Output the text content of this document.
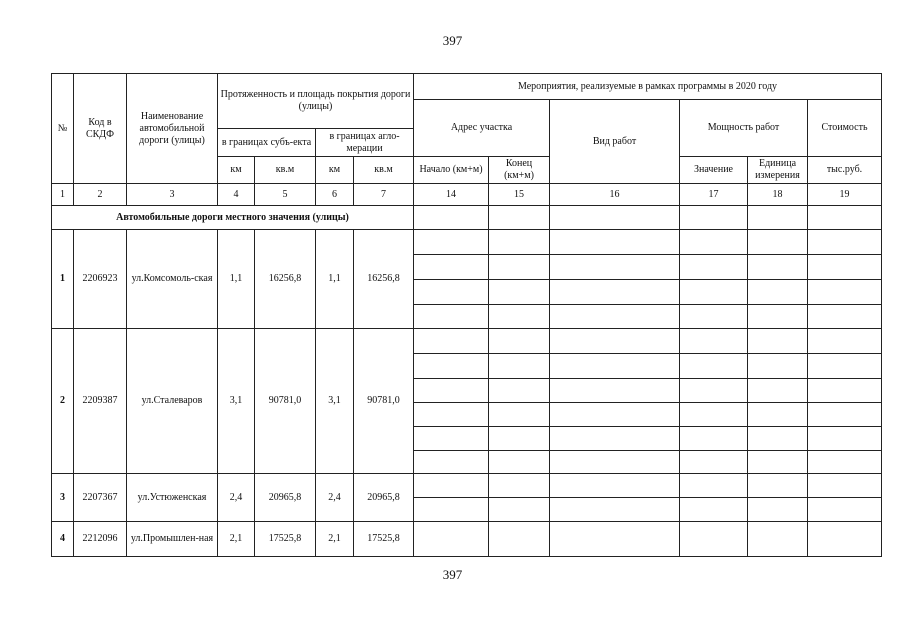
397
№	Код в СКДФ	Наименование автомобильной дороги (улицы)	Протяженность и площадь покрытия дороги (улицы)				Мероприятия, реализуемые в рамках программы в 2020 году					
							Адрес участка		Вид работ	Мощность работ		Стоимость
			в границах субъ-екта		в границах агло-мерации							
			км	кв.м	км	кв.м	Начало (км+м)	Конец (км+м)		Значение	Единица измерения	тыс.руб.
1	2	3	4	5	6	7	14	15	16	17	18	19
Автомобильные дороги местного значения (улицы)												
1	2206923	ул.Комсомоль-ская	1,1	16256,8	1,1	16256,8						

2	2209387	ул.Сталеваров	3,1	90781,0	3,1	90781,0						

3	2207367	ул.Устюженская	2,4	20965,8	2,4	20965,8						

4	2212096	ул.Промышлен-ная	2,1	17525,8	2,1	17525,8						
397
